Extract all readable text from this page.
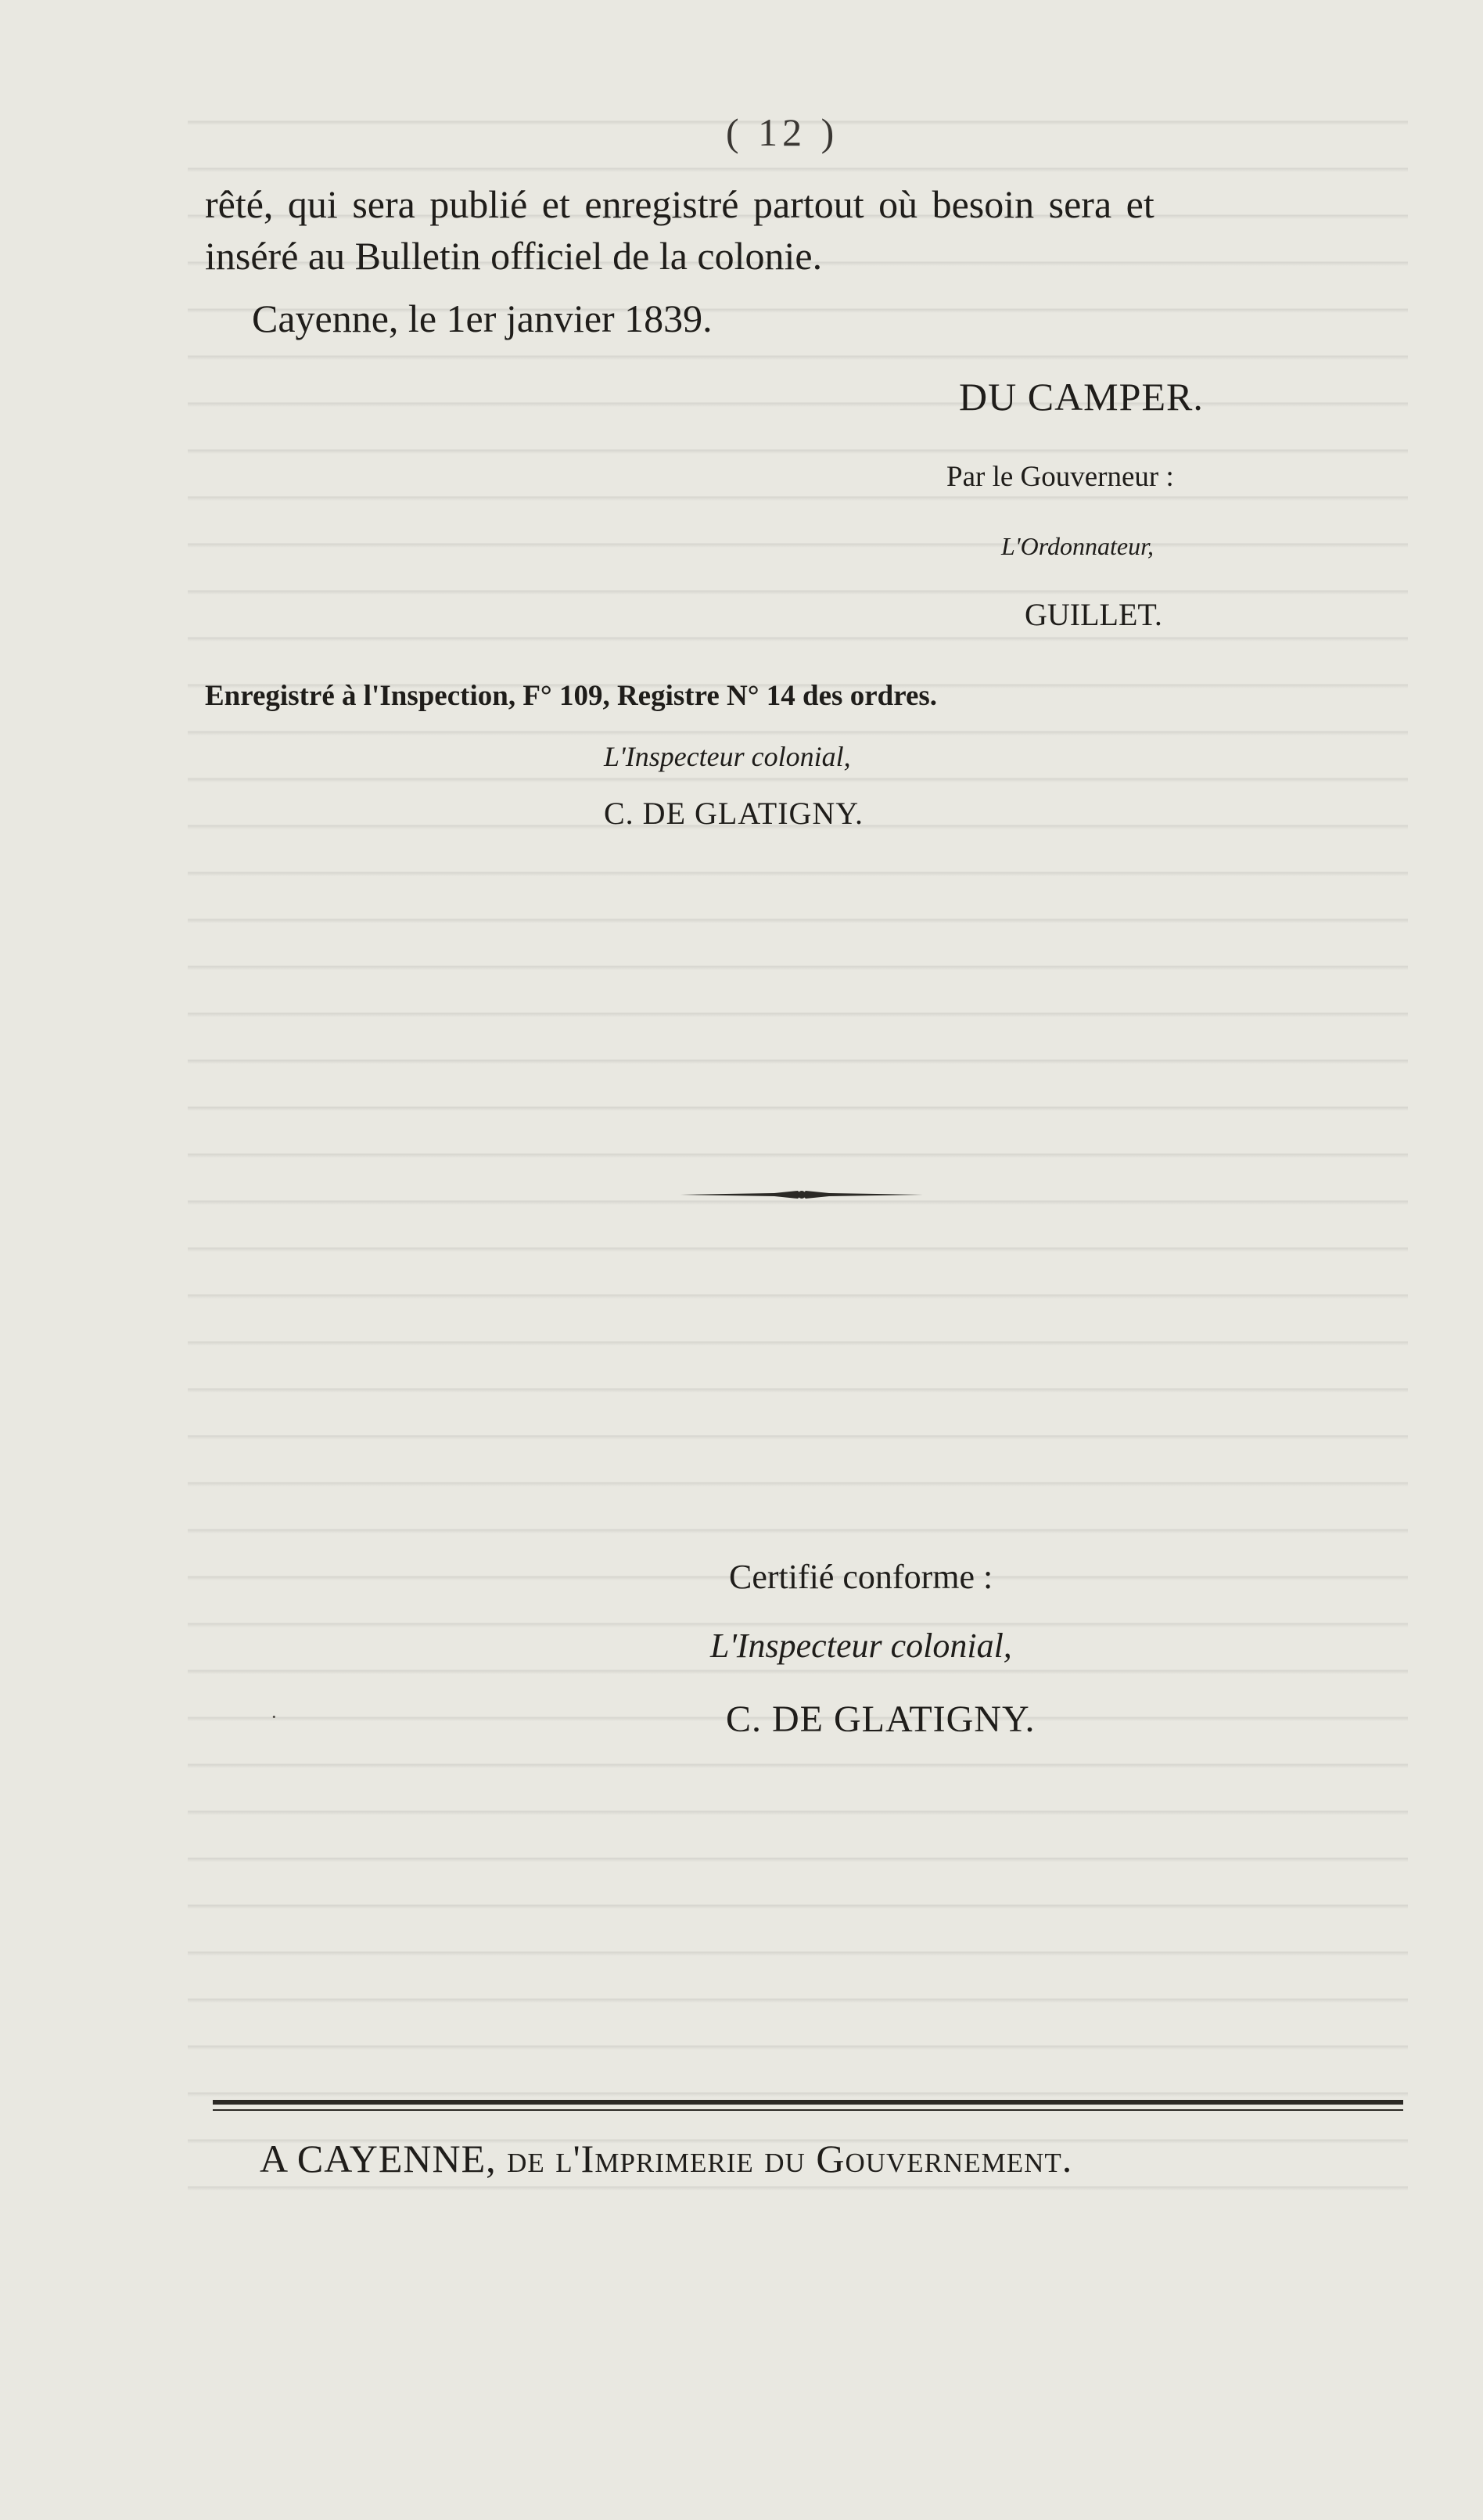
( 12 )
rêté, qui sera publié et enregistré partout où besoin sera et
inséré au Bulletin officiel de la colonie.
Cayenne, le 1er janvier 1839.
DU CAMPER.
Par le Gouverneur :
L'Ordonnateur,
GUILLET.
Enregistré à l'Inspection, F° 109, Registre N° 14 des ordres.
L'Inspecteur colonial,
C. DE GLATIGNY.
Certifié conforme :
L'Inspecteur colonial,
·	C. DE GLATIGNY.
A CAYENNE, de l'Imprimerie du Gouvernement.
